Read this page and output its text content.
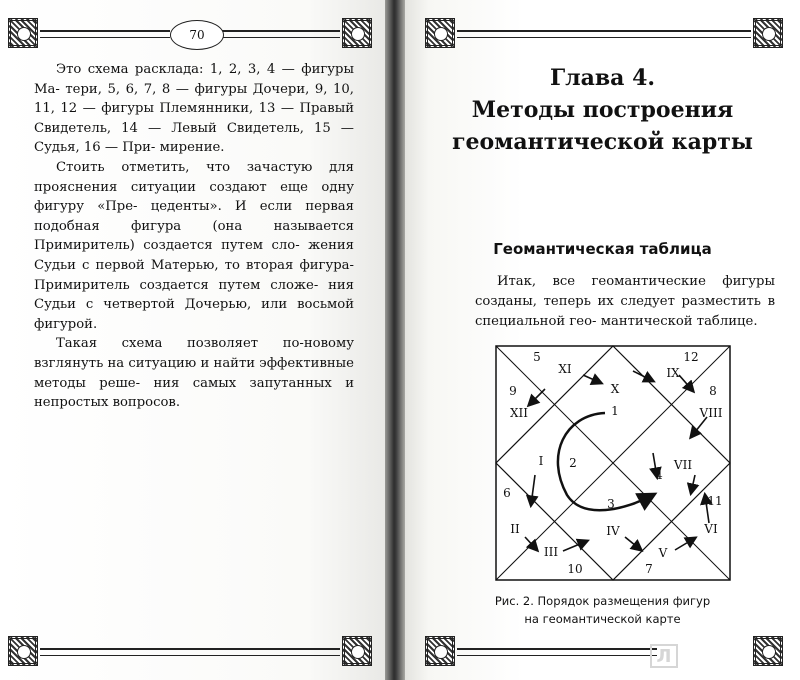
70

Это схема расклада: 1, 2, 3, 4 — фигуры Ма- тери, 5, 6, 7, 8 — фигуры Дочери, 9, 10, 11, 12 — фигуры Племянники, 13 — Правый Свидетель, 14 — Левый Свидетель, 15 — Судья, 16 — При- мирение.

Стоить отметить, что зачастую для прояснения ситуации создают еще одну фигуру «Пре- цеденты». И если первая подобная фигура (она называется Примиритель) создается путем сло- жения Судьи с первой Матерью, то вторая фигура-Примиритель создается путем сложе- ния Судьи с четвертой Дочерью, или восьмой фигурой.

Такая схема позволяет по-новому взглянуть на ситуацию и найти эффективные методы реше- ния самых запутанных и непростых вопросов.

Глава 4.
Методы построения
геомантической карты
Геомантическая таблица

Итак, все геомантические фигуры созданы, теперь их следует разместить в специальной гео- мантической таблице.

I
II
III
IV
V
VI
VII
VIII
IX
X
XI
XII	1
2
3
4
5
6
7
8
9
10
11
12
Рис. 2. Порядок размещения фигур
на геомантической карте
Л
